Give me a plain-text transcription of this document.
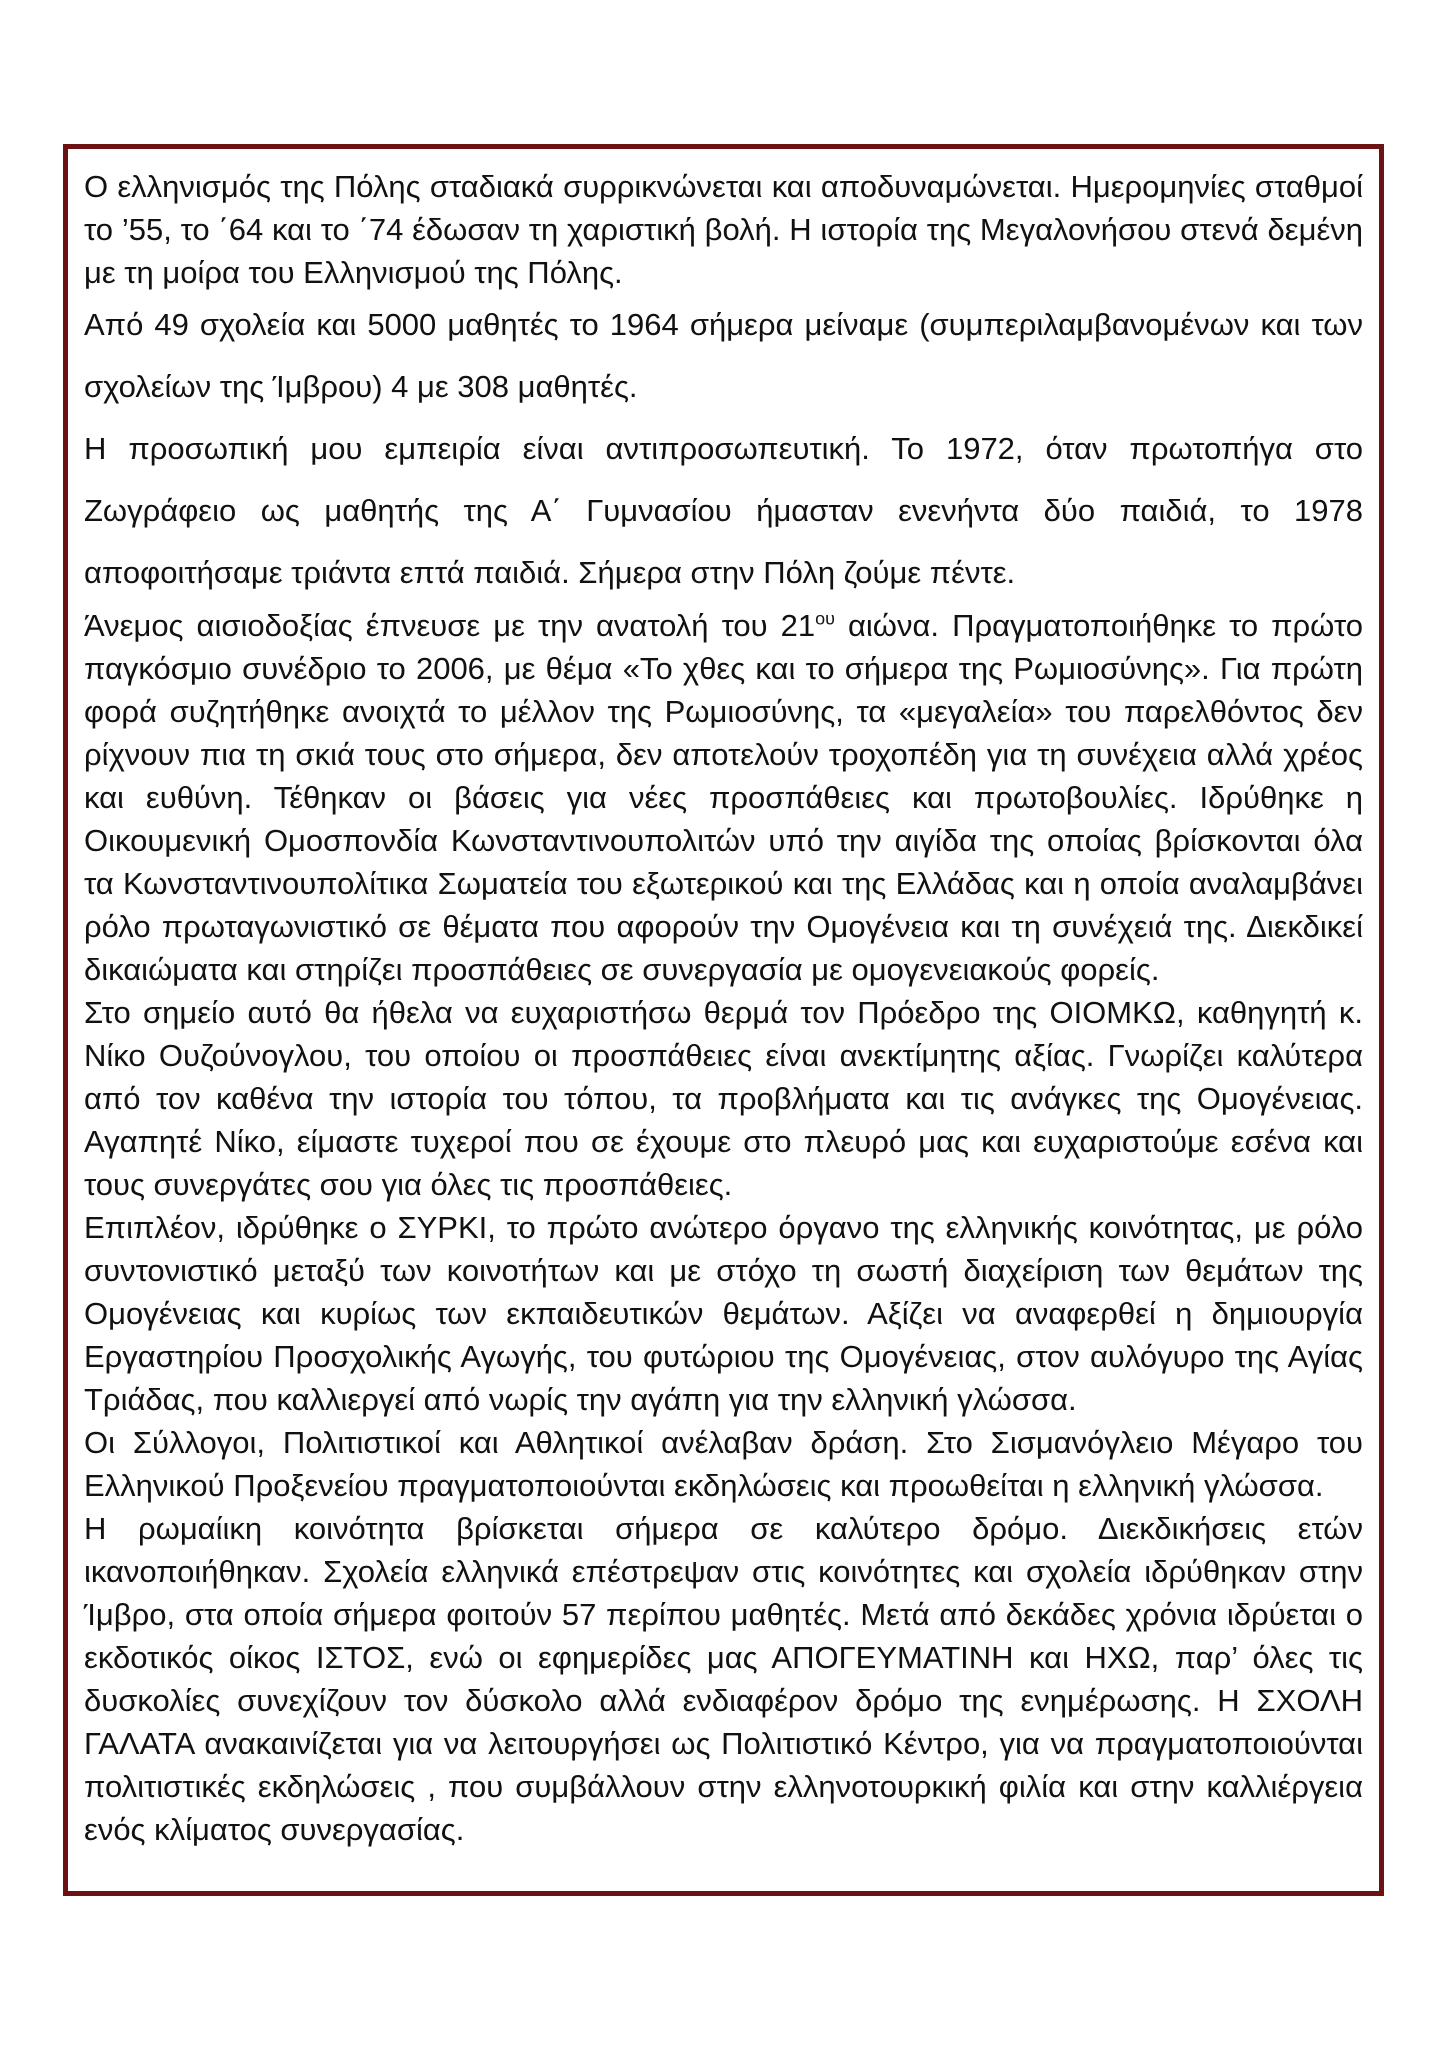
Ο ελληνισμός της Πόλης σταδιακά συρρικνώνεται και αποδυναμώνεται. Ημερομηνίες σταθμοί το ’55, το ΄64 και το ΄74 έδωσαν τη χαριστική βολή. Η ιστορία της Μεγαλονήσου στενά δεμένη με τη μοίρα του Ελληνισμού της Πόλης.

Από 49 σχολεία και 5000 μαθητές το 1964 σήμερα μείναμε (συμπεριλαμβανομένων και των σχολείων της Ίμβρου) 4 με 308 μαθητές.

Η προσωπική μου εμπειρία είναι αντιπροσωπευτική. Το 1972, όταν πρωτοπήγα στο Ζωγράφειο ως μαθητής της Α΄ Γυμνασίου ήμασταν ενενήντα δύο παιδιά, το 1978 αποφοιτήσαμε τριάντα επτά παιδιά. Σήμερα στην Πόλη ζούμε πέντε.

Άνεμος αισιοδοξίας έπνευσε με την ανατολή του $21^{o\upsilon}$ αιώνα. Πραγματοποιήθηκε το πρώτο παγκόσμιο συνέδριο το 2006, με θέμα «Το χθες και το σήμερα της Ρωμιοσύνης». Για πρώτη φορά συζητήθηκε ανοιχτά το μέλλον της Ρωμιοσύνης, τα «μεγαλεία» του παρελθόντος δεν ρίχνουν πια τη σκιά τους στο σήμερα, δεν αποτελούν τροχοπέδη για τη συνέχεια αλλά χρέος και ευθύνη. Τέθηκαν οι βάσεις για νέες προσπάθειες και πρωτοβουλίες. Ιδρύθηκε η Οικουμενική Ομοσπονδία Κωνσταντινουπολιτών υπό την αιγίδα της οποίας βρίσκονται όλα τα Κωνσταντινουπολίτικα Σωματεία του εξωτερικού και της Ελλάδας και η οποία αναλαμβάνει ρόλο πρωταγωνιστικό σε θέματα που αφορούν την Ομογένεια και τη συνέχειά της. Διεκδικεί δικαιώματα και στηρίζει προσπάθειες σε συνεργασία με ομογενειακούς φορείς.

Στο σημείο αυτό θα ήθελα να ευχαριστήσω θερμά τον Πρόεδρο της ΟΙΟΜΚΩ, καθηγητή κ. Νίκο Ουζούνογλου, του οποίου οι προσπάθειες είναι ανεκτίμητης αξίας. Γνωρίζει καλύτερα από τον καθένα την ιστορία του τόπου, τα προβλήματα και τις ανάγκες της Ομογένειας. Αγαπητέ Νίκο, είμαστε τυχεροί που σε έχουμε στο πλευρό μας και ευχαριστούμε εσένα και τους συνεργάτες σου για όλες τις προσπάθειες.

Επιπλέον, ιδρύθηκε ο ΣΥΡΚΙ, το πρώτο ανώτερο όργανο της ελληνικής κοινότητας, με ρόλο συντονιστικό μεταξύ των κοινοτήτων και με στόχο τη σωστή διαχείριση των θεμάτων της Ομογένειας και κυρίως των εκπαιδευτικών θεμάτων. Αξίζει να αναφερθεί η δημιουργία Εργαστηρίου Προσχολικής Αγωγής, του φυτώριου της Ομογένειας, στον αυλόγυρο της Αγίας Τριάδας, που καλλιεργεί από νωρίς την αγάπη για την ελληνική γλώσσα.

Οι Σύλλογοι, Πολιτιστικοί και Αθλητικοί ανέλαβαν δράση. Στο Σισμανόγλειο Μέγαρο του Ελληνικού Προξενείου πραγματοποιούνται εκδηλώσεις και προωθείται η ελληνική γλώσσα.

Η ρωμαίικη κοινότητα βρίσκεται σήμερα σε καλύτερο δρόμο. Διεκδικήσεις ετών ικανοποιήθηκαν. Σχολεία ελληνικά επέστρεψαν στις κοινότητες και σχολεία ιδρύθηκαν στην Ίμβρο, στα οποία σήμερα φοιτούν 57 περίπου μαθητές. Μετά από δεκάδες χρόνια ιδρύεται ο εκδοτικός οίκος ΙΣΤΟΣ, ενώ οι εφημερίδες μας ΑΠΟΓΕΥΜΑΤΙΝΗ και ΗΧΩ, παρ’ όλες τις δυσκολίες συνεχίζουν τον δύσκολο αλλά ενδιαφέρον δρόμο της ενημέρωσης. Η ΣΧΟΛΗ ΓΑΛΑΤΑ ανακαινίζεται για να λειτουργήσει ως Πολιτιστικό Κέντρο, για να πραγματοποιούνται πολιτιστικές εκδηλώσεις , που συμβάλλουν στην ελληνοτουρκική φιλία και στην καλλιέργεια ενός κλίματος συνεργασίας.
